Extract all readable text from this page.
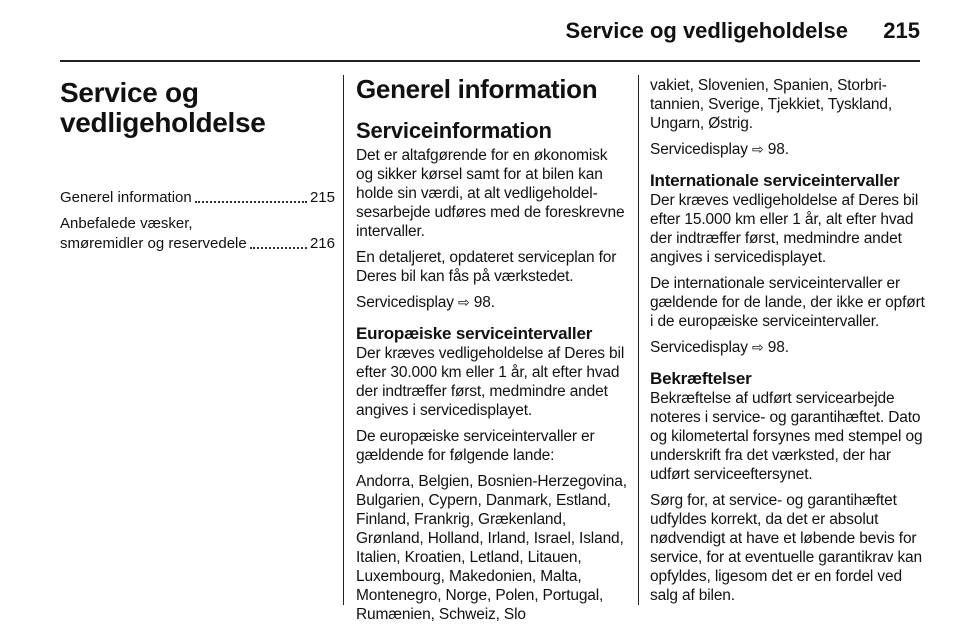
Service og vedligeholdelse 215
Service og
vedligeholdelse
Generel information	215
Anbefalede væsker,
smøremidler og reservedele	216
Generel information
Serviceinformation

Det er altafgørende for en økonomisk og sikker kørsel samt for at bilen kan holde sin værdi, at alt vedligeholdelsesarbejde udføres med de foreskrevne intervaller.

En detaljeret, opdateret serviceplan for Deres bil kan fås på værkstedet.

Servicedisplay ⇨ 98.

Europæiske serviceintervaller

Der kræves vedligeholdelse af Deres bil efter 30.000 km eller 1 år, alt efter hvad der indtræffer først, medmindre andet angives i servicedisplayet.

De europæiske serviceintervaller er gældende for følgende lande:

Andorra, Belgien, Bosnien-Herzegovina, Bulgarien, Cypern, Danmark, Estland, Finland, Frankrig, Grækenland, Grønland, Holland, Irland, Israel, Island, Italien, Kroatien, Letland, Litauen, Luxembourg, Makedonien, Malta, Montenegro, Norge, Polen, Portugal, Rumænien, Schweiz, Slo

vakiet, Slovenien, Spanien, Storbritannien, Sverige, Tjekkiet, Tyskland, Ungarn, Østrig.

Servicedisplay ⇨ 98.

Internationale serviceintervaller

Der kræves vedligeholdelse af Deres bil efter 15.000 km eller 1 år, alt efter hvad der indtræffer først, medmindre andet angives i servicedisplayet.

De internationale serviceintervaller er gældende for de lande, der ikke er opført i de europæiske serviceintervaller.

Servicedisplay ⇨ 98.

Bekræftelser

Bekræftelse af udført servicearbejde noteres i service- og garantihæftet. Dato og kilometertal forsynes med stempel og underskrift fra det værksted, der har udført serviceeftersynet.

Sørg for, at service- og garantihæftet udfyldes korrekt, da det er absolut nødvendigt at have et løbende bevis for service, for at eventuelle garantikrav kan opfyldes, ligesom det er en fordel ved salg af bilen.
